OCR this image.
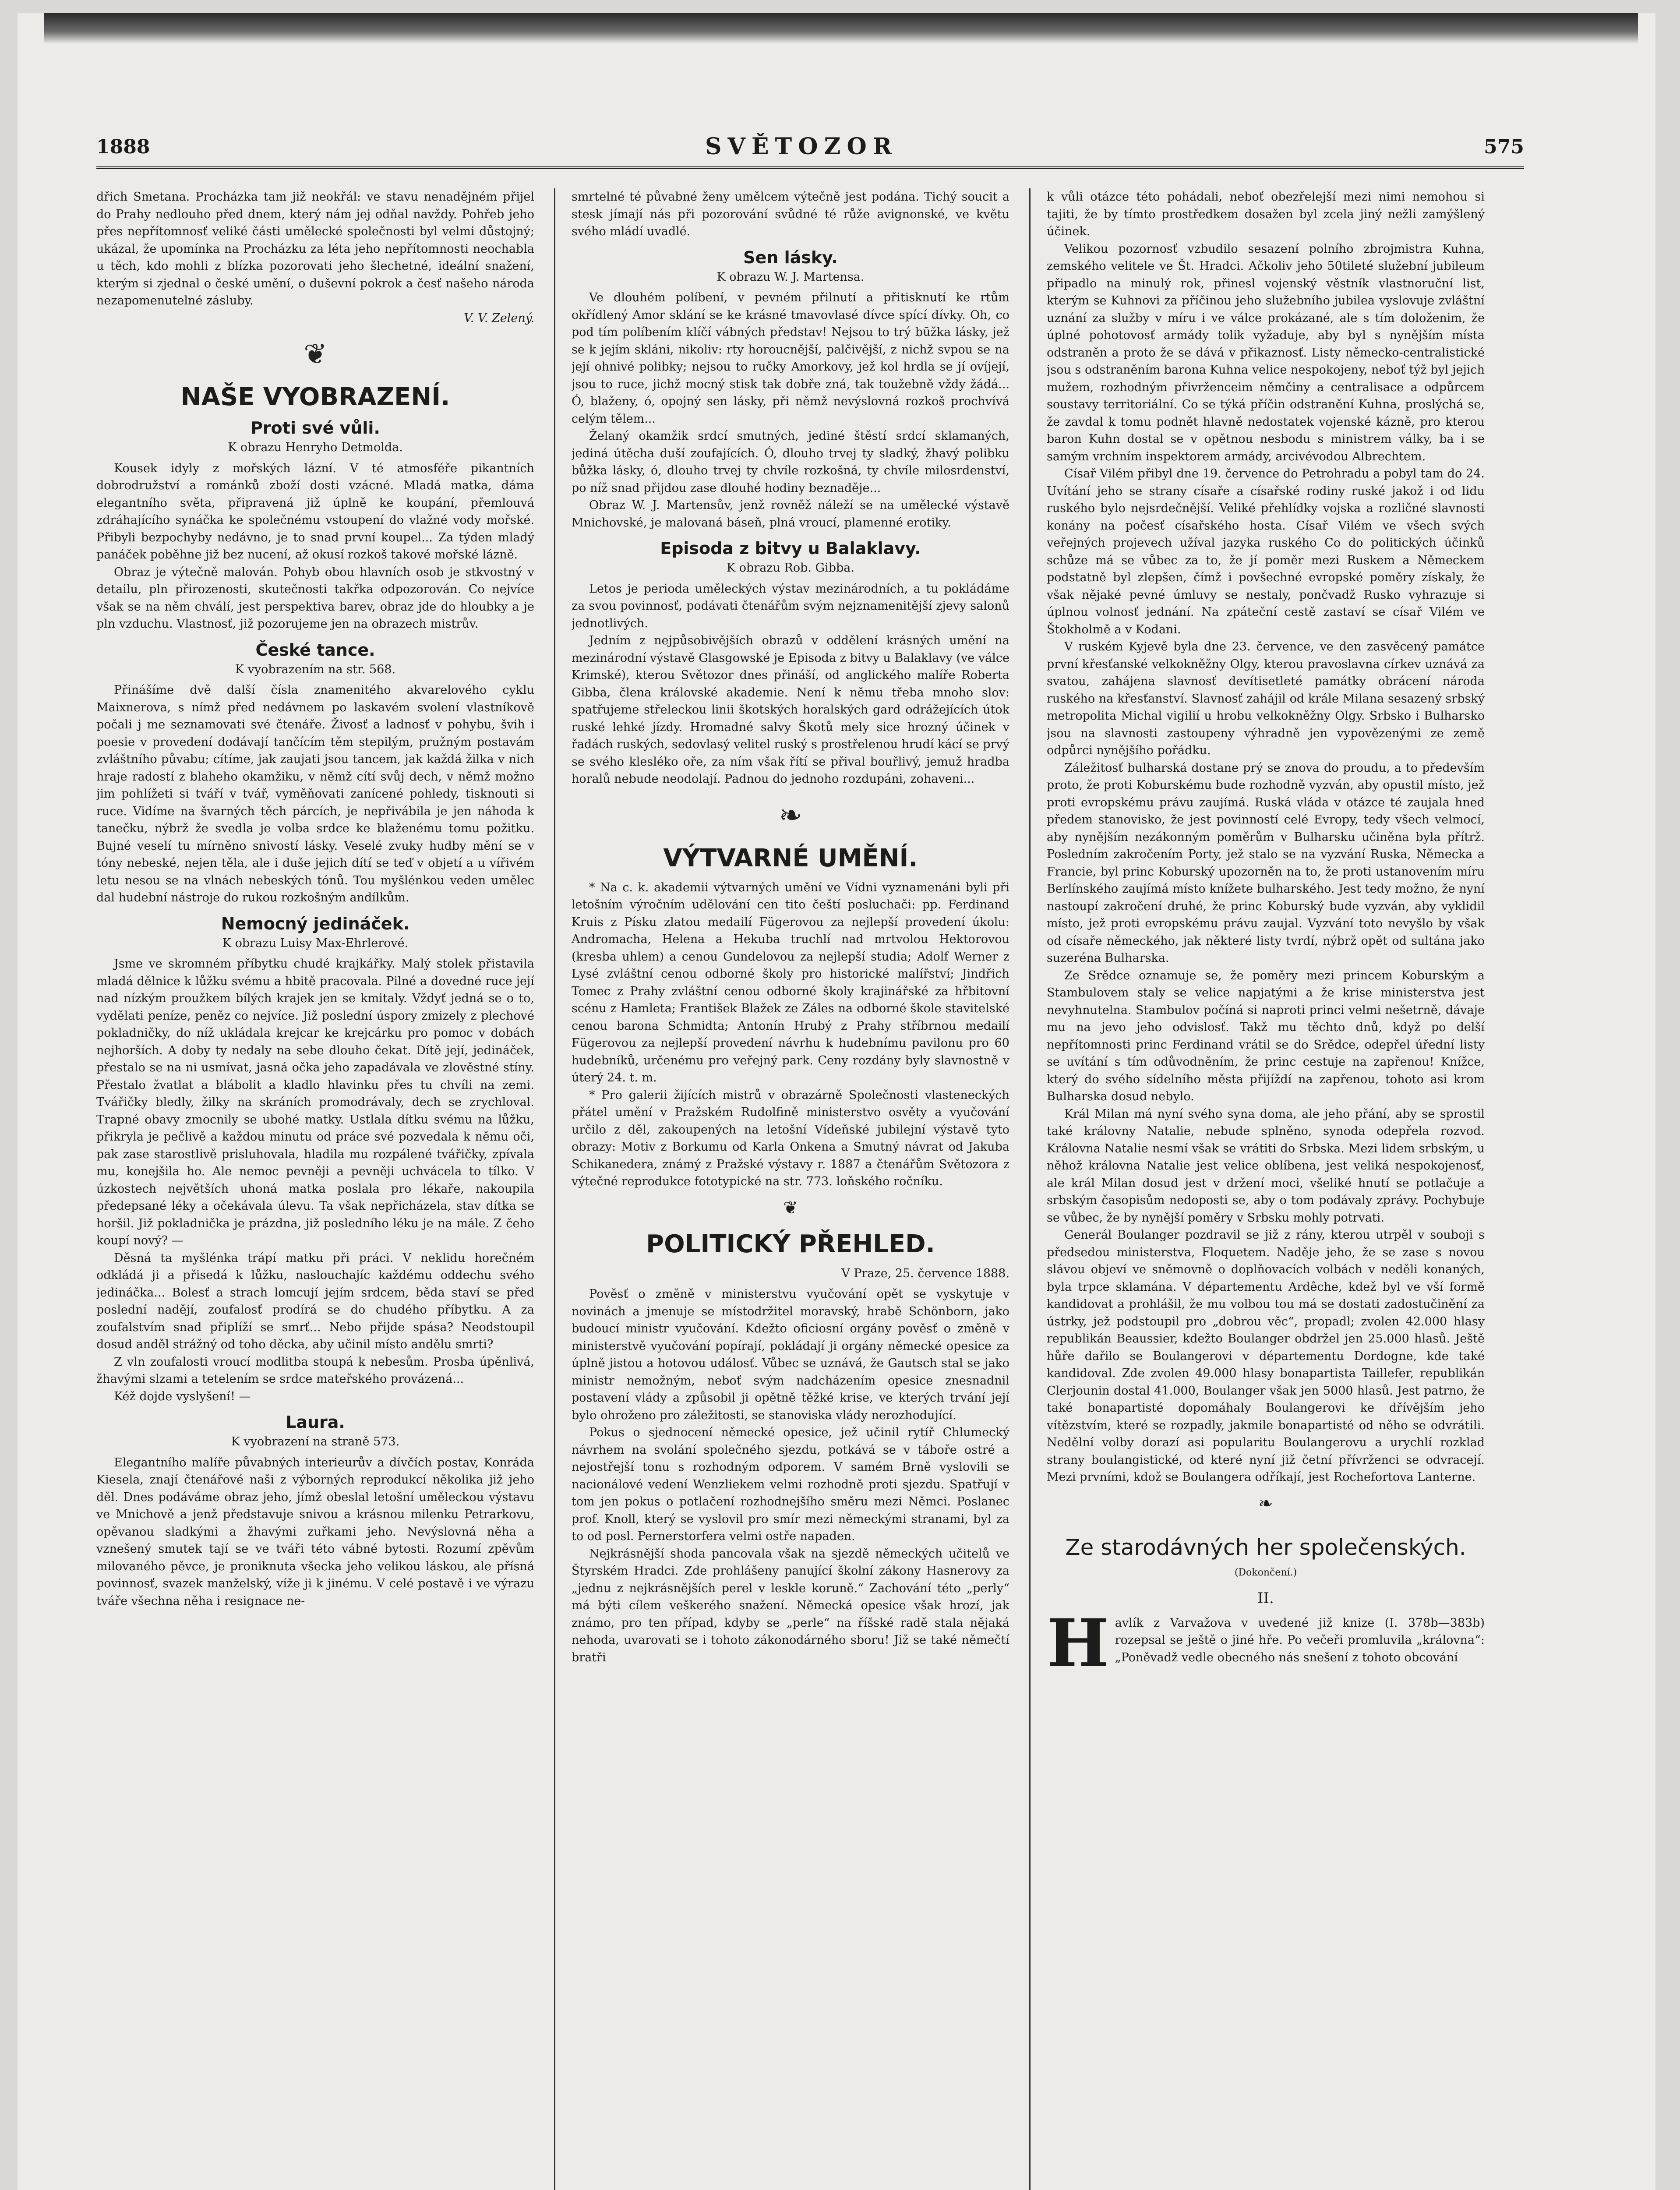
1888	SVĚTOZOR	575

dřich Smetana. Procházka tam již neokřál: ve stavu nenadějném přijel do Prahy nedlouho před dnem, který nám jej odňal navždy. Pohřeb jeho přes nepřítomnosť veliké části umělecké společnosti byl velmi důstojný; ukázal, že upomínka na Procházku za léta jeho nepřítomnosti neochabla u těch, kdo mohli z blízka pozorovati jeho šlechetné, ideální snažení, kterým si zjednal o české umění, o duševní pokrok a česť našeho národa nezapomenutelné zásluby.

V. V. Zelený.
❦
NAŠE VYOBRAZENÍ.
Proti své vůli.
K obrazu Henryho Detmolda.

Kousek idyly z mořských lázní. V té atmosféře pikantních dobrodružství a románků zboží dosti vzácné. Mladá matka, dáma elegantního světa, připravená již úplně ke koupání, přemlouvá zdráhajícího synáčka ke společnému vstoupení do vlažné vody mořské. Přibyli bezpochyby nedávno, je to snad první koupel... Za týden mladý panáček poběhne již bez nucení, až okusí rozkoš takové mořské lázně.

Obraz je výtečně malován. Pohyb obou hlavních osob je stkvostný v detailu, pln přirozenosti, skutečnosti takřka odpozorován. Co nejvíce však se na něm chválí, jest perspektiva barev, obraz jde do hloubky a je pln vzduchu. Vlastnosť, již pozorujeme jen na obrazech mistrův.

České tance.
K vyobrazením na str. 568.

Přinášíme dvě další čísla znamenitého akvarelového cyklu Maixnerova, s nímž před nedávnem po laskavém svolení vlastníkově počali j me seznamovati své čtenáře. Živosť a ladnosť v pohybu, švih i poesie v provedení dodávají tančícím těm stepilým, pružným postavám zvláštního půvabu; cítíme, jak zaujati jsou tancem, jak každá žilka v nich hraje radostí z blaheho okamžiku, v němž cítí svůj dech, v němž možno jim pohlížeti si tváří v tvář, vyměňovati zanícené pohledy, tisknouti si ruce. Vidíme na švarných těch párcích, je nepřivábila je jen náhoda k tanečku, nýbrž že svedla je volba srdce ke blaženému tomu požitku. Bujné veselí tu mírněno snivostí lásky. Veselé zvuky hudby mění se v tóny nebeské, nejen těla, ale i duše jejich dítí se teď v objetí a u vířivém letu nesou se na vlnách nebeských tónů. Tou myšlénkou veden umělec dal hudební nástroje do rukou rozkošným andílkům.

Nemocný jedináček.
K obrazu Luisy Max-Ehrlerové.

Jsme ve skromném příbytku chudé krajkářky. Malý stolek přistavila mladá dělnice k lůžku svému a hbitě pracovala. Pilné a dovedné ruce její nad nízkým proužkem bílých krajek jen se kmitaly. Vždyť jedná se o to, vydělati peníze, peněz co nejvíce. Již poslední úspory zmizely z plechové pokladničky, do níž ukládala krejcar ke krejcárku pro pomoc v dobách nejhorších. A doby ty nedaly na sebe dlouho čekat. Dítě její, jedináček, přestalo se na ni usmívat, jasná očka jeho zapadávala ve zlověstné stíny. Přestalo žvatlat a blábolit a kladlo hlavinku přes tu chvíli na zemi. Tvářičky bledly, žilky na skráních promodrávaly, dech se zrychloval. Trapné obavy zmocnily se ubohé matky. Ustlala dítku svému na lůžku, přikryla je pečlivě a každou minutu od práce své pozvedala k němu oči, pak zase starostlivě prisluhovala, hladila mu rozpálené tvářičky, zpívala mu, konejšila ho. Ale nemoc pevněji a pevněji uchvácela to tílko. V úzkostech největších uhoná matka poslala pro lékaře, nakoupila předepsané léky a očekávala úlevu. Ta však nepřicházela, stav dítka se horšil. Již pokladnička je prázdna, již posledního léku je na mále. Z čeho koupí nový? —

Děsná ta myšlénka trápí matku při práci. V neklidu horečném odkládá ji a přisedá k lůžku, naslouchajíc každému oddechu svého jedináčka... Bolesť a strach lomcují jejím srdcem, běda staví se před poslední nadějí, zoufalosť prodírá se do chudého příbytku. A za zoufalstvím snad připlíží se smrť... Nebo přijde spása? Neodstoupil dosud anděl strážný od toho děcka, aby učinil místo andělu smrti?

Z vln zoufalosti vroucí modlitba stoupá k nebesům. Prosba úpěnlivá, žhavými slzami a tetelením se srdce mateřského provázená...

Kéž dojde vyslyšení! —

Laura.
K vyobrazení na straně 573.

Elegantního malíře půvabných interieurův a dívčích postav, Konráda Kiesela, znají čtenářové naši z výborných reprodukcí několika již jeho děl. Dnes podáváme obraz jeho, jímž obeslal letošní uměleckou výstavu ve Mnichově a jenž představuje snivou a krásnou milenku Petrarkovu, opěvanou sladkými a žhavými zuřkami jeho. Nevýslovná něha a vznešený smutek tají se ve tváři této vábné bytosti. Rozumí zpěvům milovaného pěvce, je proniknuta všecka jeho velikou láskou, ale přísná povinnosť, svazek manželský, víže ji k jinému. V celé postavě i ve výrazu tváře všechna něha i resignace ne-

smrtelné té půvabné ženy umělcem výtečně jest podána. Tichý soucit a stesk jímají nás při pozorování svůdné té růže avignonské, ve květu svého mládí uvadlé.

Sen lásky.
K obrazu W. J. Martensa.

Ve dlouhém políbení, v pevném přilnutí a přitisknutí ke rtům okřídlený Amor sklání se ke krásné tmavovlasé dívce spící dívky. Oh, co pod tím políbením klíčí vábných představ! Nejsou to trý būžka lásky, jež se k jejím skláni, nikoliv: rty horoucnější, palčivější, z nichž svpou se na její ohnivé polibky; nejsou to ručky Amorkovy, jež kol hrdla se jí ovíjejí, jsou to ruce, jichž mocný stisk tak dobře zná, tak toužebně vždy žádá... Ó, blaženy, ó, opojný sen lásky, při němž nevýslovná rozkoš prochvívá celým tělem...

Želaný okamžik srdcí smutných, jediné štěstí srdcí sklamaných, jediná útěcha duší zoufajících. Ó, dlouho trvej ty sladký, žhavý polibku bůžka lásky, ó, dlouho trvej ty chvíle rozkošná, ty chvíle milosrdenství, po níž snad přijdou zase dlouhé hodiny beznaděje...

Obraz W. J. Martensův, jenž rovněž náleží se na umělecké výstavě Mnichovské, je malovaná báseň, plná vroucí, plamenné erotiky.

Episoda z bitvy u Balaklavy.
K obrazu Rob. Gibba.

Letos je perioda uměleckých výstav mezinárodních, a tu pokládáme za svou povinnosť, podávati čtenářům svým nejznamenitější zjevy salonů jednotlivých.

Jedním z nejpůsobivějších obrazů v oddělení krásných umění na mezinárodní výstavě Glasgowské je Episoda z bitvy u Balaklavy (ve válce Krimské), kterou Světozor dnes přináší, od anglického malíře Roberta Gibba, člena královské akademie. Není k němu třeba mnoho slov: spatřujeme střeleckou linii škotských horalských gard odrážejících útok ruské lehké jízdy. Hromadné salvy Škotů mely sice hrozný účinek v řadách ruských, sedovlasý velitel ruský s prostřelenou hrudí kácí se prvý se svého klesléko oře, za ním však řítí se přival bouřlivý, jemuž hradba horalů nebude neodolají. Padnou do jednoho rozdupáni, zohaveni...

❧
VÝTVARNÉ UMĚNÍ.

* Na c. k. akademii výtvarných umění ve Vídni vyznamenáni byli při letošním výročním udělování cen tito čeští posluchači: pp. Ferdinand Kruis z Písku zlatou medailí Fügerovou za nejlepší provedení úkolu: Andromacha, Helena a Hekuba truchlí nad mrtvolou Hektorovou (kresba uhlem) a cenou Gundelovou za nejlepší studia; Adolf Werner z Lysé zvláštní cenou odborné školy pro historické malířství; Jindřich Tomec z Prahy zvláštní cenou odborné školy krajinářské za hřbitovní scénu z Hamleta; František Blažek ze Záles na odborné škole stavitelské cenou barona Schmidta; Antonín Hrubý z Prahy stříbrnou medailí Fügerovou za nejlepší provedení návrhu k hudebnímu pavilonu pro 60 hudebníků, určenému pro veřejný park. Ceny rozdány byly slavnostně v úterý 24. t. m.

* Pro galerii žijících mistrů v obrazárně Společnosti vlasteneckých přátel umění v Pražském Rudolfině ministerstvo osvěty a vyučování určilo z děl, zakoupených na letošní Vídeňské jubilejní výstavě tyto obrazy: Motiv z Borkumu od Karla Onkena a Smutný návrat od Jakuba Schikanedera, známý z Pražské výstavy r. 1887 a čtenářům Světozora z výtečné reprodukce fototypické na str. 773. loňského ročníku.

❦
POLITICKÝ PŘEHLED.
V Praze, 25. července 1888.

Pověsť o změně v ministerstvu vyučování opět se vyskytuje v novinách a jmenuje se místodržitel moravský, hrabě Schönborn, jako budoucí ministr vyučování. Kdežto oficiosní orgány pověsť o změně v ministerstvě vyučování popírají, pokládají ji orgány německé opesice za úplně jistou a hotovou událosť. Vůbec se uznává, že Gautsch stal se jako ministr nemožným, neboť svým nadcházením opesice znesnadnil postavení vlády a způsobil ji opětně těžké krise, ve kterých trvání její bylo ohroženo pro záležitosti, se stanoviska vlády nerozhodující.

Pokus o sjednocení německé opesice, jež učinil rytíř Chlumecký návrhem na svolání společného sjezdu, potkává se v táboře ostré a nejostřejší tonu s rozhodným odporem. V samém Brně vyslovili se nacionálové vedení Wenzliekem velmi rozhodně proti sjezdu. Spatřují v tom jen pokus o potlačení rozhodnejšího směru mezi Němci. Poslanec prof. Knoll, který se vyslovil pro smír mezi německými stranami, byl za to od posl. Pernerstorfera velmi ostře napaden.

Nejkrásnější shoda pancovala však na sjezdě německých učitelů ve Štyrském Hradci. Zde prohlášeny panující školní zákony Hasnerovy za „jednu z nejkrásnějších perel v leskle koruně.“ Zachování této „perly“ má býti cílem veškerého snažení. Německá opesice však hrozí, jak známo, pro ten případ, kdyby se „perle“ na říšské radě stala nějaká nehoda, uvarovati se i tohoto zákonodárného sboru! Již se také němečtí bratři

k vůli otázce této pohádali, neboť obezřelejší mezi nimi nemohou si tajiti, že by tímto prostředkem dosažen byl zcela jiný nežli zamýšlený účinek.

Velikou pozornosť vzbudilo sesazení polního zbrojmistra Kuhna, zemského velitele ve Št. Hradci. Ačkoliv jeho 50tileté služební jubileum připadlo na minulý rok, přinesl vojenský věstník vlastnoruční list, kterým se Kuhnovi za příčinou jeho služebního jubilea vyslovuje zvláštní uznání za služby v míru i ve válce prokázané, ale s tím doloženim, že úplné pohotovosť armády tolik vyžaduje, aby byl s nynějším místa odstraněn a proto že se dává v přikaznosť. Listy německo-centralistické jsou s odstraněním barona Kuhna velice nespokojeny, neboť týž byl jejich mužem, rozhodným přivrženceim němčiny a centralisace a odpůrcem soustavy territoriální. Co se týká příčin odstranění Kuhna, proslýchá se, že zavdal k tomu podnět hlavně nedostatek vojenské kázně, pro kterou baron Kuhn dostal se v opětnou nesbodu s ministrem války, ba i se samým vrchním inspektorem armády, arcivévodou Albrechtem.

Císař Vilém přibyl dne 19. července do Petrohradu a pobyl tam do 24. Uvítání jeho se strany císaře a císařské rodiny ruské jakož i od lidu ruského bylo nejsrdečnější. Veliké přehlídky vojska a rozličné slavnosti konány na počesť císařského hosta. Císař Vilém ve všech svých veřejných projevech užíval jazyka ruského Co do politických účinků schůze má se vůbec za to, že jí poměr mezi Ruskem a Německem podstatně byl zlepšen, čímž i povšechné evropské poměry získaly, že však nějaké pevné úmluvy se nestaly, pončvadž Rusko vyhrazuje si úplnou volnosť jednání. Na zpáteční cestě zastaví se císař Vilém ve Štokholmě a v Kodani.

V ruském Kyjevě byla dne 23. července, ve den zasvěcený památce první křesťanské velkokněžny Olgy, kterou pravoslavna církev uznává za svatou, zahájena slavnosť devítisetleté památky obrácení národa ruského na křesťanství. Slavnosť zahájil od krále Milana sesazený srbský metropolita Michal vigilií u hrobu velkokněžny Olgy. Srbsko i Bulharsko jsou na slavnosti zastoupeny výhradně jen vypovězenými ze země odpůrci nynějšího pořádku.

Záležitosť bulharská dostane prý se znova do proudu, a to především proto, že proti Koburskému bude rozhodně vyzván, aby opustil místo, jež proti evropskému právu zaujímá. Ruská vláda v otázce té zaujala hned předem stanovisko, že jest povinností celé Evropy, tedy všech velmocí, aby nynějším nezákonným poměrům v Bulharsku učiněna byla přítrž. Posledním zakročením Porty, jež stalo se na vyzvání Ruska, Německa a Francie, byl princ Koburský upozorněn na to, že proti ustanovením míru Berlínského zaujímá místo knížete bulharského. Jest tedy možno, že nyní nastoupí zakročení druhé, že princ Koburský bude vyzván, aby vyklidil místo, jež proti evropskému právu zaujal. Vyzvání toto nevyšlo by však od císaře německého, jak některé listy tvrdí, nýbrž opět od sultána jako suzeréna Bulharska.

Ze Srědce oznamuje se, že poměry mezi princem Koburským a Stambulovem staly se velice napjatými a že krise ministerstva jest nevyhnutelna. Stambulov počíná si naproti princi velmi nešetrně, dávaje mu na jevo jeho odvislosť. Takž mu těchto dnů, když po delší nepřítomnosti princ Ferdinand vrátil se do Srědce, odepřel úřední listy se uvítání s tím odůvodněním, že princ cestuje na zapřenou! Knížce, který do svého sídelního města přijíždí na zapřenou, tohoto asi krom Bulharska dosud nebylo.

Král Milan má nyní svého syna doma, ale jeho přání, aby se sprostil také královny Natalie, nebude splněno, synoda odepřela rozvod. Královna Natalie nesmí však se vrátiti do Srbska. Mezi lidem srbským, u něhož královna Natalie jest velice oblíbena, jest veliká nespokojenosť, ale král Milan dosud jest v držení moci, všeliké hnutí se potlačuje a srbským časopisům nedoposti se, aby o tom podávaly zprávy. Pochybuje se vůbec, že by nynější poměry v Srbsku mohly potrvati.

Generál Boulanger pozdravil se již z rány, kterou utrpěl v souboji s předsedou ministerstva, Floquetem. Naděje jeho, že se zase s novou slávou objeví ve sněmovně o doplňovacích volbách v neděli konaných, byla trpce sklamána. V départementu Ardêche, kdež byl ve vší formě kandidovat a prohlášil, že mu volbou tou má se dostati zadostučinění za ústrky, jež podstoupil pro „dobrou věc“, propadl; zvolen 42.000 hlasy republikán Beaussier, kdežto Boulanger obdržel jen 25.000 hlasů. Ještě hůře dařilo se Boulangerovi v départementu Dordogne, kde také kandidoval. Zde zvolen 49.000 hlasy bonapartista Taillefer, republikán Clerjounin dostal 41.000, Boulanger však jen 5000 hlasů. Jest patrno, že také bonapartisté dopomáhaly Boulangerovi ke dřívějším jeho vítězstvím, které se rozpadly, jakmile bonapartisté od něho se odvrátili. Nedělní volby dorazí asi popularitu Boulangerovu a urychlí rozklad strany boulangistické, od které nyní již četní přívrženci se odvracejí. Mezi prvními, kdož se Boulangera odříkají, jest Rochefortova Lanterne.

❧
Ze starodávných her společenských.
(Dokončení.)
II.

Havlík z Varvažova v uvedené již knize (I. 378b—383b) rozepsal se ještě o jiné hře. Po večeři promluvila „královna“: „Poněvadž vedle obecného nás snešení z tohoto obcování
